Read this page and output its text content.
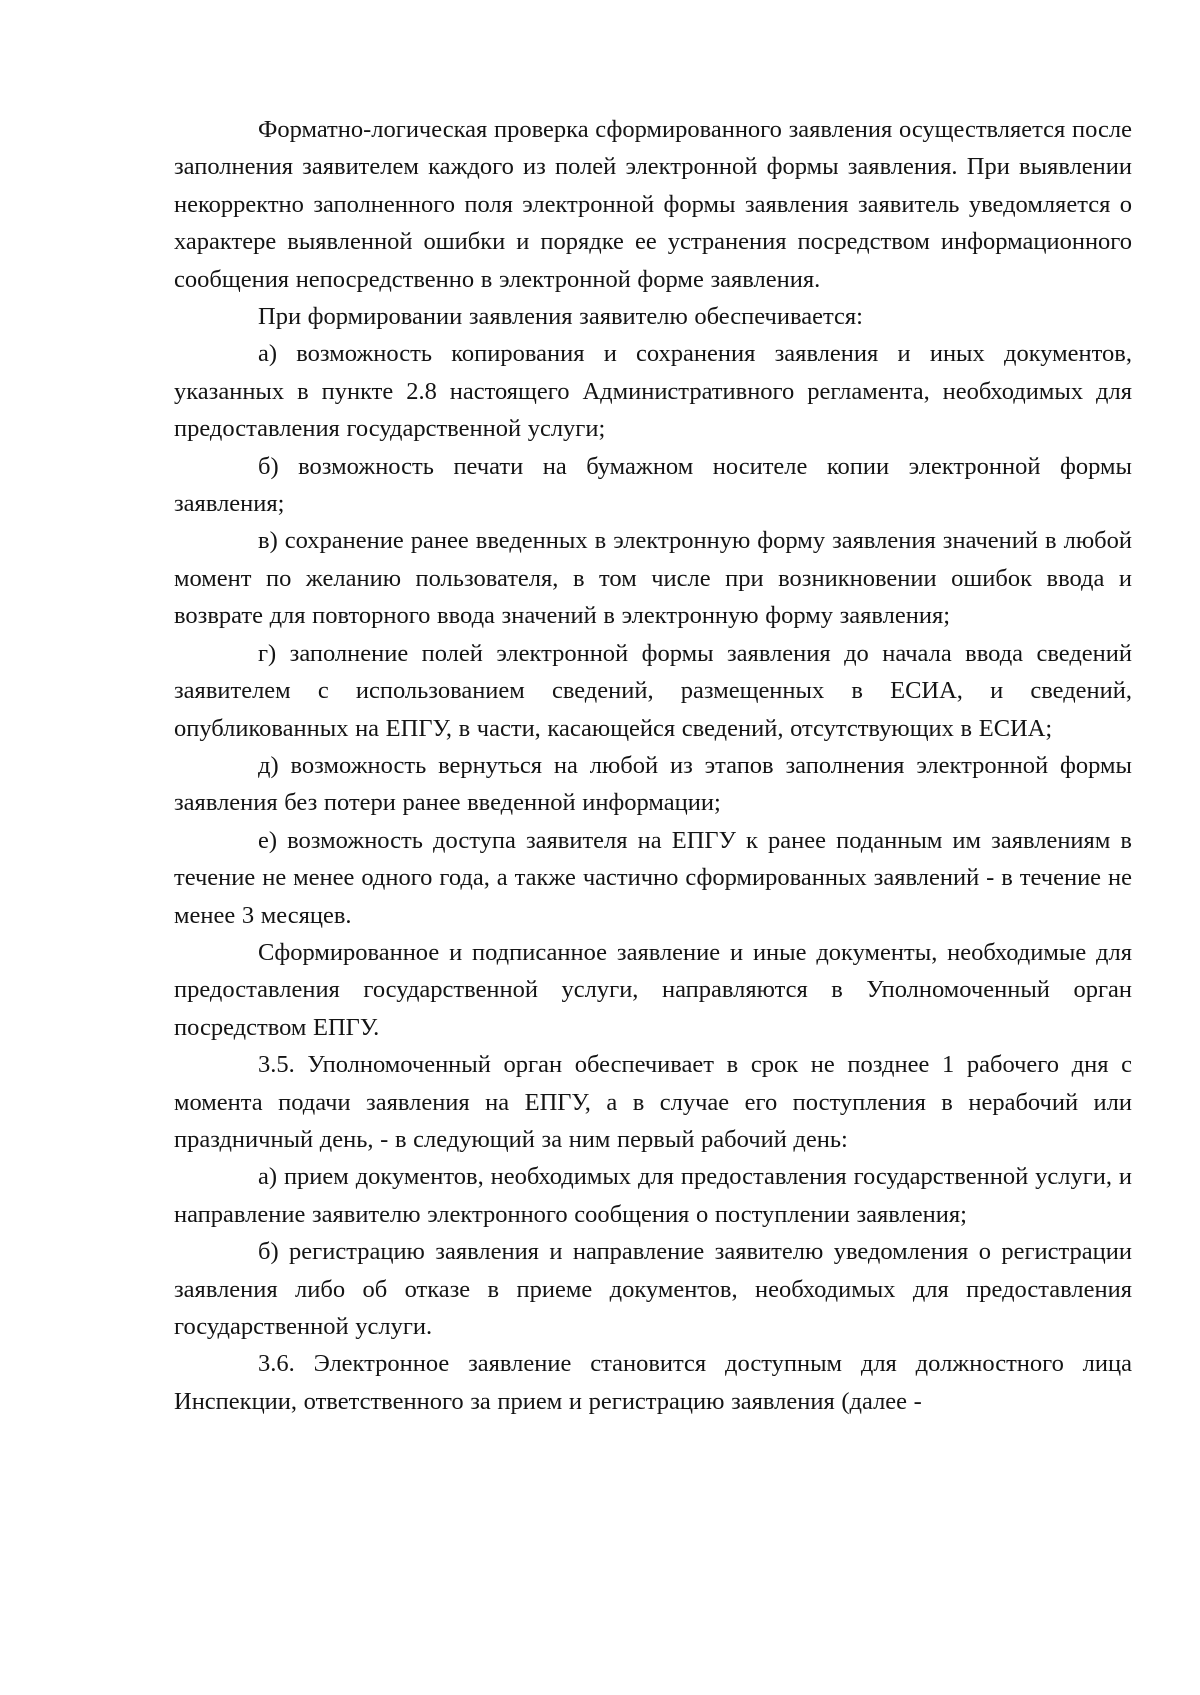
Форматно-логическая проверка сформированного заявления осуществляется после заполнения заявителем каждого из полей электронной формы заявления. При выявлении некорректно заполненного поля электронной формы заявления заявитель уведомляется о характере выявленной ошибки и порядке ее устранения посредством информационного сообщения непосредственно в электронной форме заявления.

При формировании заявления заявителю обеспечивается:

а) возможность копирования и сохранения заявления и иных документов, указанных в пункте 2.8 настоящего Административного регламента, необходимых для предоставления государственной услуги;

б) возможность печати на бумажном носителе копии электронной формы заявления;

в) сохранение ранее введенных в электронную форму заявления значений в любой момент по желанию пользователя, в том числе при возникновении ошибок ввода и возврате для повторного ввода значений в электронную форму заявления;

г) заполнение полей электронной формы заявления до начала ввода сведений заявителем с использованием сведений, размещенных в ЕСИА, и сведений, опубликованных на ЕПГУ, в части, касающейся сведений, отсутствующих в ЕСИА;

д) возможность вернуться на любой из этапов заполнения электронной формы заявления без потери ранее введенной информации;

е) возможность доступа заявителя на ЕПГУ к ранее поданным им заявлениям в течение не менее одного года, а также частично сформированных заявлений - в течение не менее 3 месяцев.

Сформированное и подписанное заявление и иные документы, необходимые для предоставления государственной услуги, направляются в Уполномоченный орган посредством ЕПГУ.

3.5. Уполномоченный орган обеспечивает в срок не позднее 1 рабочего дня с момента подачи заявления на ЕПГУ, а в случае его поступления в нерабочий или праздничный день, - в следующий за ним первый рабочий день:

а) прием документов, необходимых для предоставления государственной услуги, и направление заявителю электронного сообщения о поступлении заявления;

б) регистрацию заявления и направление заявителю уведомления о регистрации заявления либо об отказе в приеме документов, необходимых для предоставления государственной услуги.

3.6. Электронное заявление становится доступным для должностного лица Инспекции, ответственного за прием и регистрацию заявления (далее -
